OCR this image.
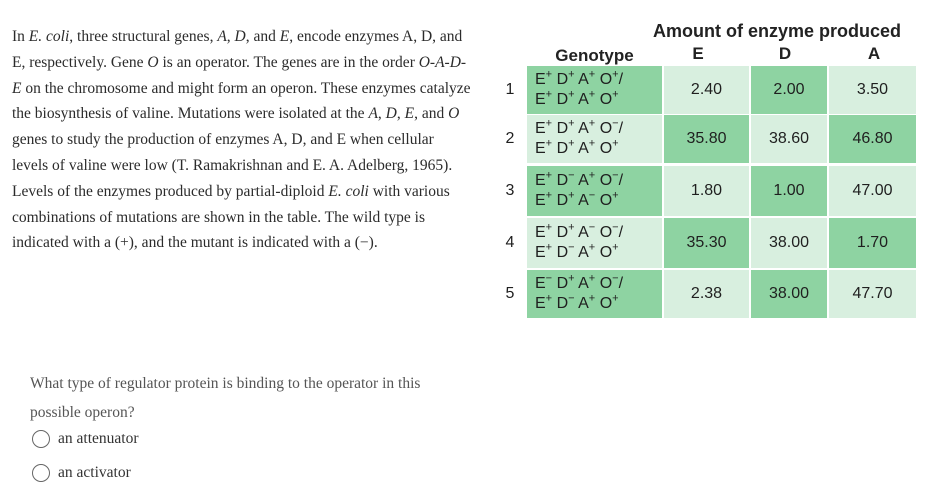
In E. coli, three structural genes, A, D, and E, encode enzymes A, D, and E, respectively. Gene O is an operator. The genes are in the order O-A-D-E on the chromosome and might form an operon. These enzymes catalyze the biosynthesis of valine. Mutations were isolated at the A, D, E, and O genes to study the production of enzymes A, D, and E when cellular levels of valine were low (T. Ramakrishnan and E. A. Adelberg, 1965). Levels of the enzymes produced by partial-diploid E. coli with various combinations of mutations are shown in the table. The wild type is indicated with a (+), and the mutant is indicated with a (−).
Amount of enzyme produced
Genotype	E	D	A
1
E+ D+ A+ O+/
E+ D+ A+ O+	2.40	2.00	3.50
2
E+ D+ A+ O−/
E+ D+ A+ O+	35.80	38.60	46.80
3
E+ D− A+ O−/
E+ D+ A− O+	1.80	1.00	47.00
4
E+ D+ A− O−/
E+ D− A+ O+	35.30	38.00	1.70
5
E− D+ A+ O−/
E+ D− A+ O+	2.38	38.00	47.70
What type of regulator protein is binding to the operator in this possible operon?
an attenuator
an activator
